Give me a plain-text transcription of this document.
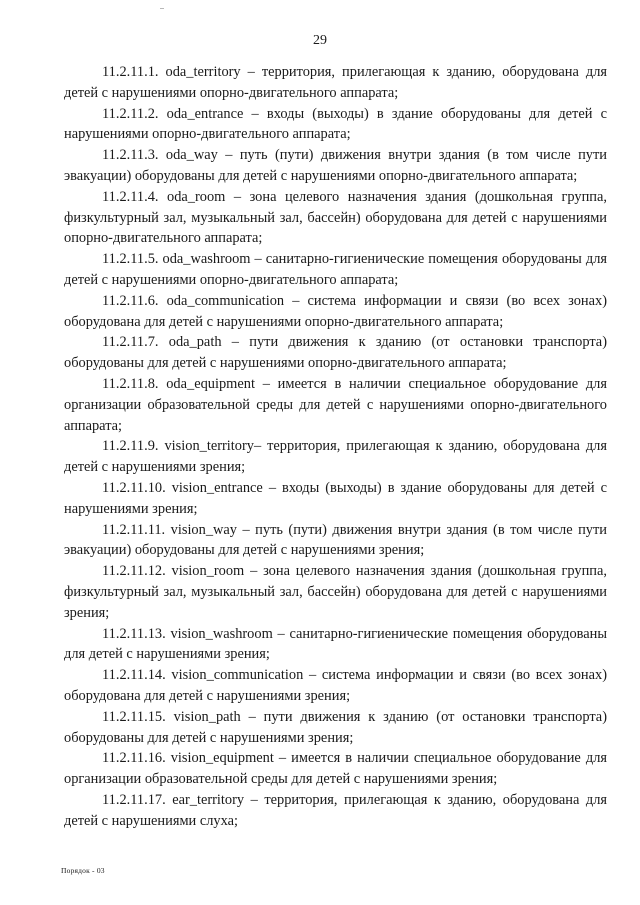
29

11.2.11.1. oda_territory – территория, прилегающая к зданию, оборудована для детей с нарушениями опорно-двигательного аппарата;

11.2.11.2. oda_entrance – входы (выходы) в здание оборудованы для детей с нарушениями опорно-двигательного аппарата;

11.2.11.3. oda_way – путь (пути) движения внутри здания (в том числе пути эвакуации) оборудованы для детей с нарушениями опорно-двигательного аппарата;

11.2.11.4. oda_room – зона целевого назначения здания (дошкольная группа, физкультурный зал, музыкальный зал, бассейн) оборудована для детей с нарушениями опорно-двигательного аппарата;

11.2.11.5. oda_washroom – санитарно-гигиенические помещения оборудованы для детей с нарушениями опорно-двигательного аппарата;

11.2.11.6. oda_communication – система информации и связи (во всех зонах) оборудована для детей с нарушениями опорно-двигательного аппарата;

11.2.11.7. oda_path – пути движения к зданию (от остановки транспорта) оборудованы для детей с нарушениями опорно-двигательного аппарата;

11.2.11.8. oda_equipment – имеется в наличии специальное оборудование для организации образовательной среды для детей с нарушениями опорно-двигательного аппарата;

11.2.11.9. vision_territory– территория, прилегающая к зданию, оборудована для детей с нарушениями зрения;

11.2.11.10. vision_entrance – входы (выходы) в здание оборудованы для детей с нарушениями зрения;

11.2.11.11. vision_way – путь (пути) движения внутри здания (в том числе пути эвакуации) оборудованы для детей с нарушениями зрения;

11.2.11.12. vision_room – зона целевого назначения здания (дошкольная группа, физкультурный зал, музыкальный зал, бассейн) оборудована для детей с нарушениями зрения;

11.2.11.13. vision_washroom – санитарно-гигиенические помещения оборудованы для детей с нарушениями зрения;

11.2.11.14. vision_communication – система информации и связи (во всех зонах) оборудована для детей с нарушениями зрения;

11.2.11.15. vision_path – пути движения к зданию (от остановки транспорта) оборудованы для детей с нарушениями зрения;

11.2.11.16. vision_equipment – имеется в наличии специальное оборудование для организации образовательной среды для детей с нарушениями зрения;

11.2.11.17. ear_territory – территория, прилегающая к зданию, оборудована для детей с нарушениями слуха;

Порядок - 03
